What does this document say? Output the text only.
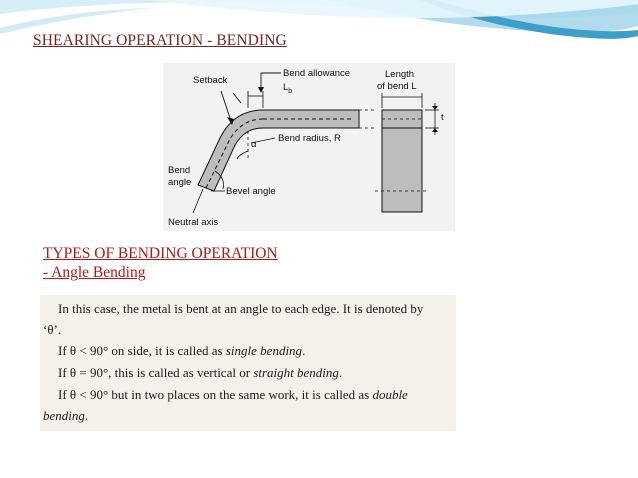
SHEARING OPERATION - BENDING
Setback
Bend allowance
$L_b$
Length
of bend L
t
Bend radius, R
α
Bend
angle
Bevel angle
Neutral axis
TYPES OF BENDING OPERATION
- Angle Bending
In this case, the metal is bent at an angle to each edge. It is denoted by
‘θ’.
If θ < 90° on side, it is called as single bending.
If θ = 90°, this is called as vertical or straight bending.
If θ < 90° but in two places on the same work, it is called as double
bending.
